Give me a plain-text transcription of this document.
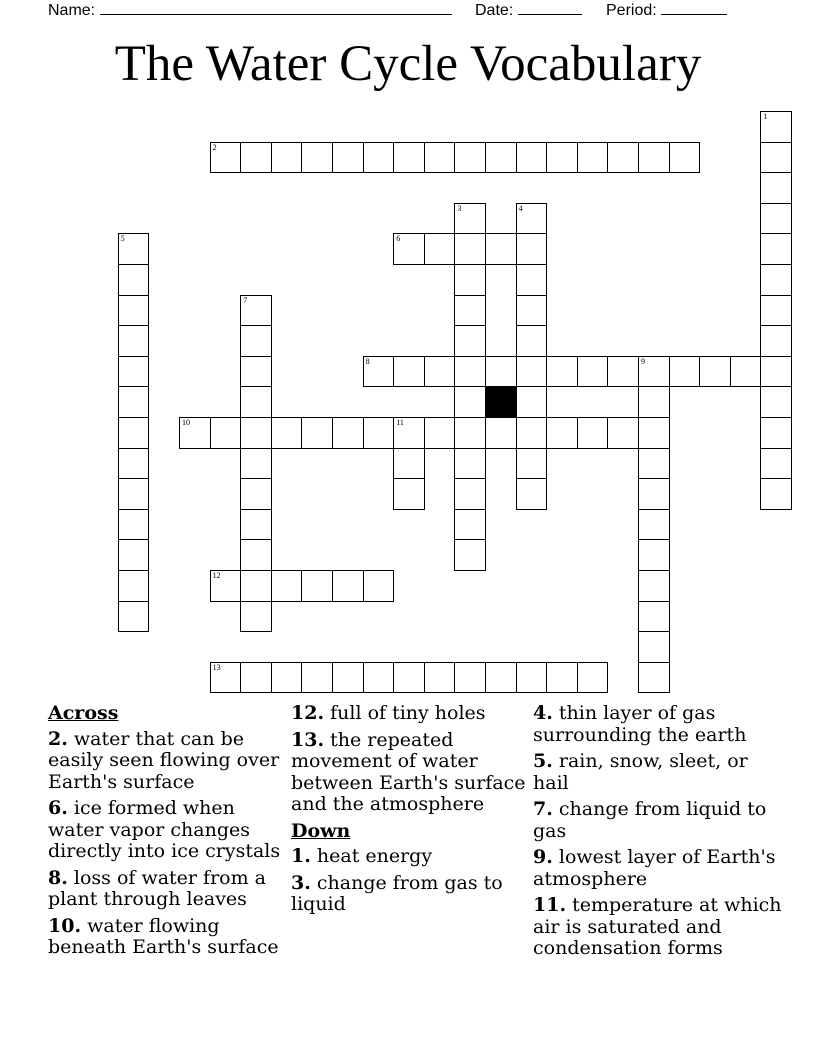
Name:	Date:	Period:
The Water Cycle Vocabulary
1
2
3	4
5	6
7
8	9
10	11
12
13
Across
2. water that can be easily seen flowing over Earth's surface
6. ice formed when water vapor changes directly into ice crystals
8. loss of water from a plant through leaves
10. water flowing beneath Earth's surface
12. full of tiny holes
13. the repeated movement of water between Earth's surface and the atmosphere
Down
1. heat energy
3. change from gas to liquid
4. thin layer of gas surrounding the earth
5. rain, snow, sleet, or hail
7. change from liquid to gas
9. lowest layer of Earth's atmosphere
11. temperature at which air is saturated and condensation forms
